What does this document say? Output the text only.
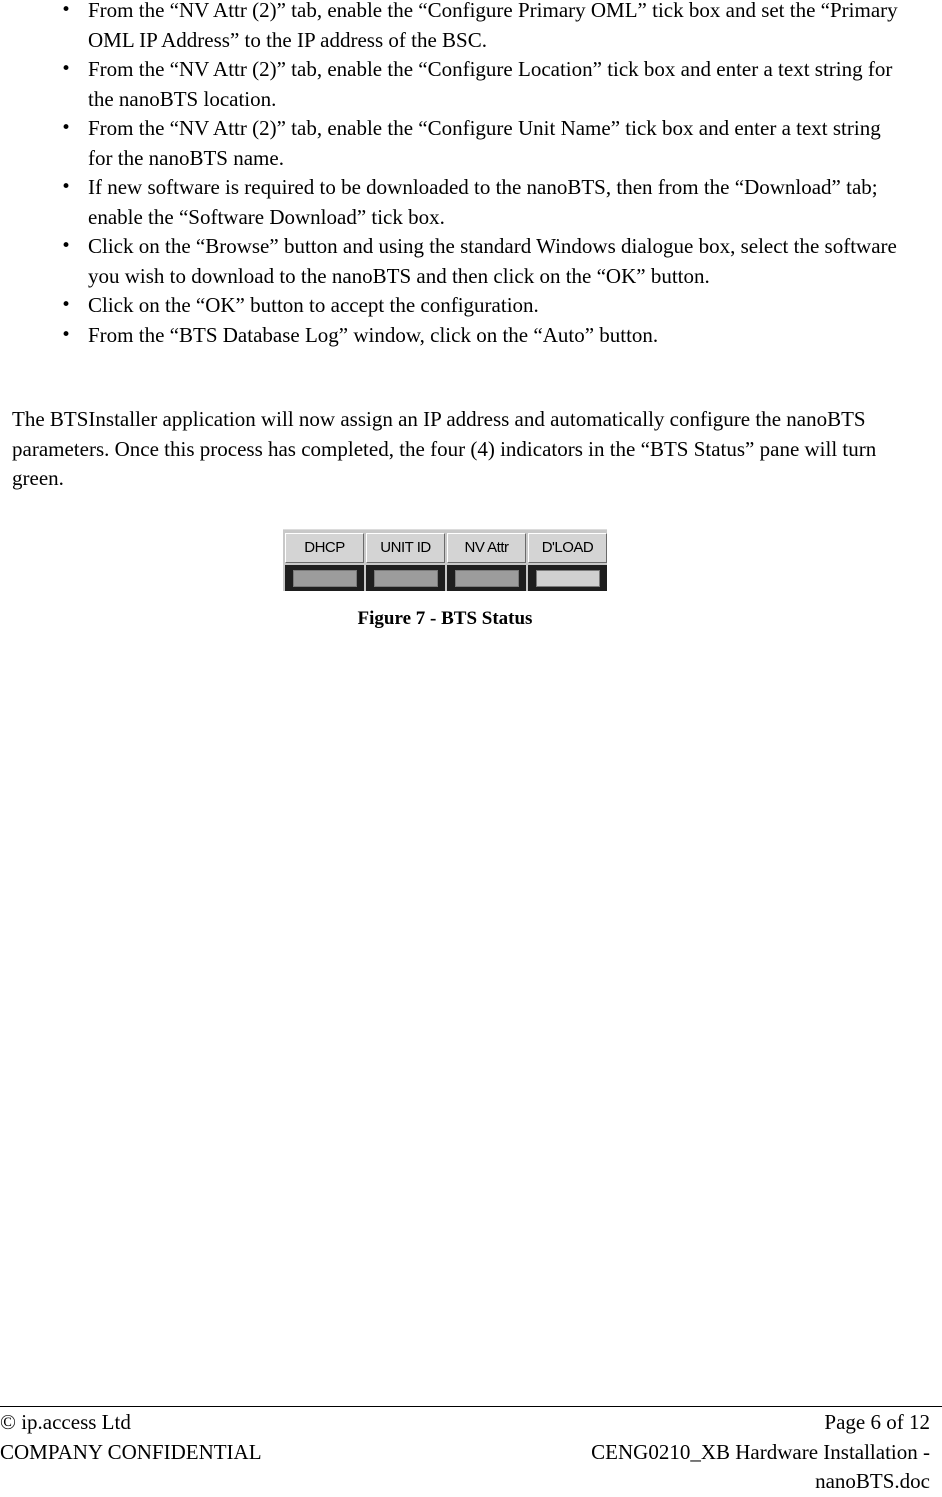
• From the “NV Attr (2)” tab, enable the “Configure Primary OML” tick box and set the “Primary OML IP Address” to the IP address of the BSC.
• From the “NV Attr (2)” tab, enable the “Configure Location” tick box and enter a text string for the nanoBTS location.
• From the “NV Attr (2)” tab, enable the “Configure Unit Name” tick box and enter a text string for the nanoBTS name.
• If new software is required to be downloaded to the nanoBTS, then from the “Download” tab; enable the “Software Download” tick box.
• Click on the “Browse” button and using the standard Windows dialogue box, select the software you wish to download to the nanoBTS and then click on the “OK” button.
• Click on the “OK” button to accept the configuration.
• From the “BTS Database Log” window, click on the “Auto” button.

The BTSInstaller application will now assign an IP address and automatically configure the nanoBTS parameters. Once this process has completed, the four (4) indicators in the “BTS Status” pane will turn green.

DHCP	UNIT ID	NV Attr	D'LOAD
Figure 7 - BTS Status
© ip.access Ltd
COMPANY CONFIDENTIAL
Page 6 of 12
CENG0210_XB Hardware Installation -
nanoBTS.doc
